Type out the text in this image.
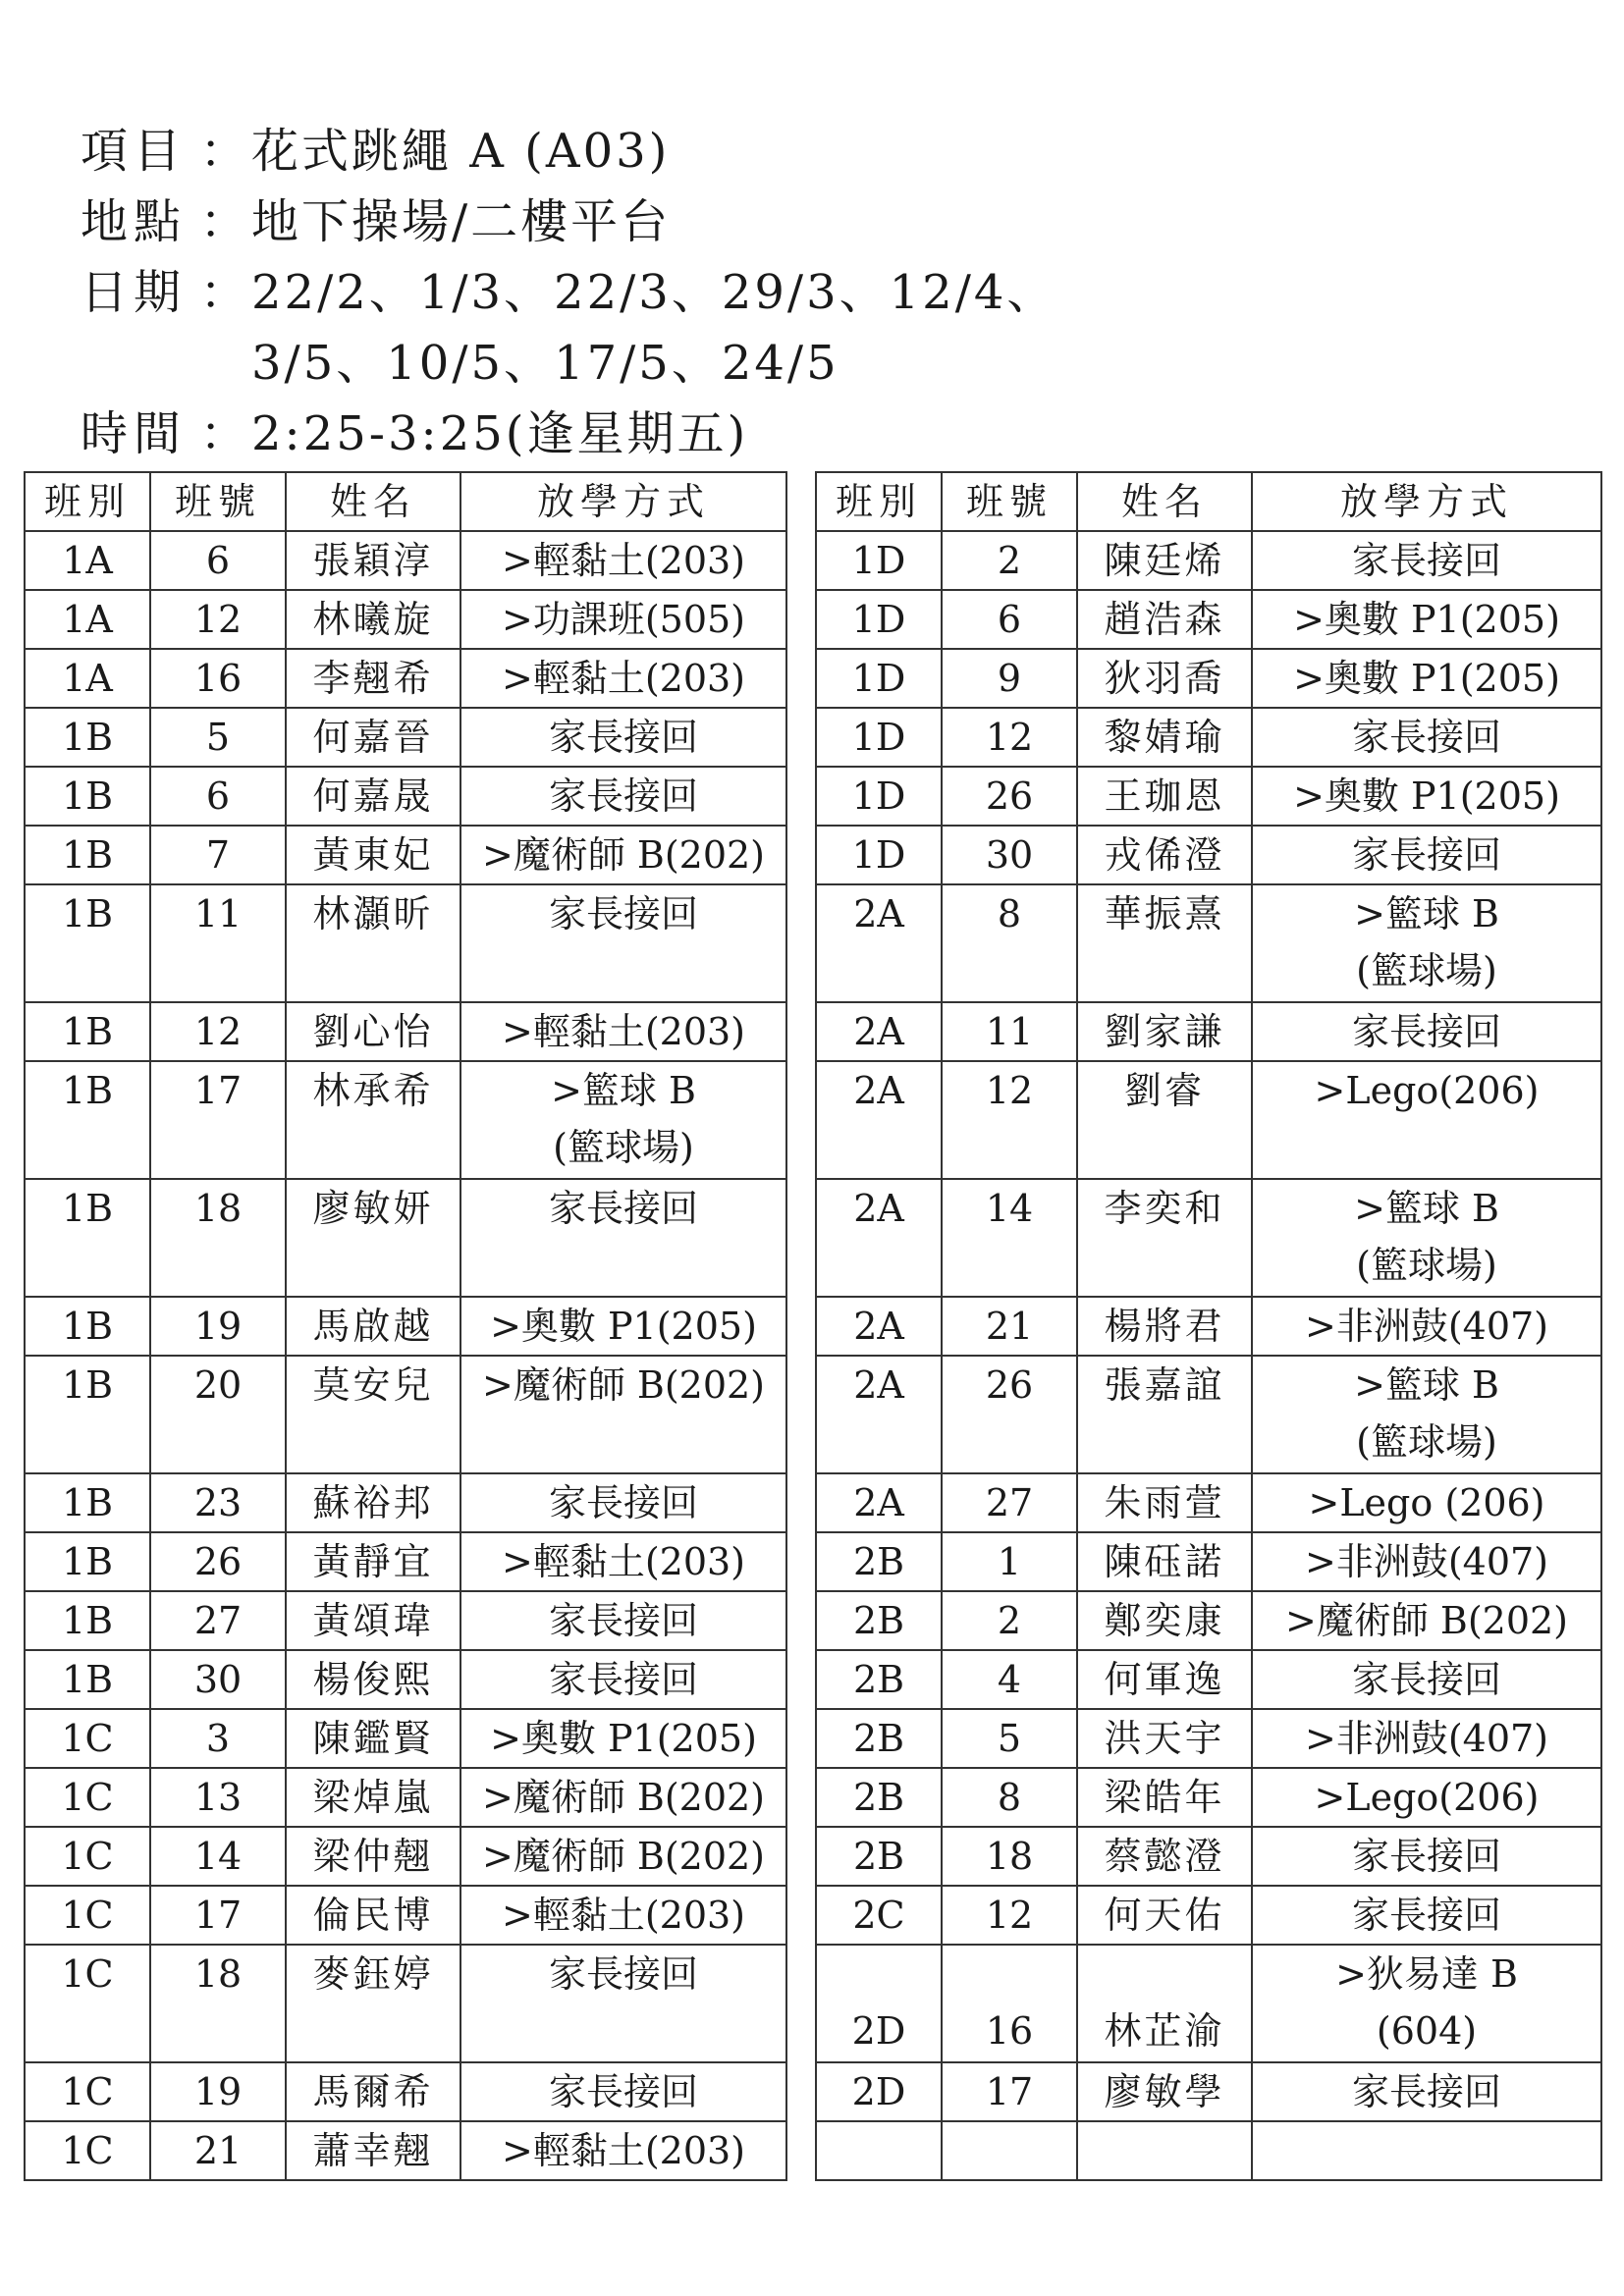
項目 ：花式跳繩 A (A03)
地點 ：地下操場/二樓平台
日期 ：22/2、1/3、22/3、29/3、12/4、
3/5、10/5、17/5、24/5
時間 ：2:25-3:25(逢星期五)
班別	班號	姓名	放學方式
1A	6	張穎淳	>輕黏土(203)

1A	12	林曦旋	>功課班(505)

1A	16	李翹希	>輕黏土(203)

1B	5	何嘉晉	家長接回

1B	6	何嘉晟	家長接回

1B	7	黃東妃	>魔術師 B(202)

1B	11	林灝昕	家長接回

1B	12	劉心怡	>輕黏土(203)

1B	17	林承希	>籃球 B
(籃球場)

1B	18	廖敏妍	家長接回

1B	19	馬啟越	>奧數 P1(205)

1B	20	莫安兒	>魔術師 B(202)

1B	23	蘇裕邦	家長接回

1B	26	黃靜宜	>輕黏土(203)

1B	27	黃頌瑋	家長接回

1B	30	楊俊熙	家長接回

1C	3	陳鑑賢	>奧數 P1(205)

1C	13	梁焯嵐	>魔術師 B(202)

1C	14	梁仲翹	>魔術師 B(202)

1C	17	倫民博	>輕黏土(203)

1C	18	麥鈺婷	家長接回

1C	19	馬爾希	家長接回

1C	21	蕭幸翹	>輕黏土(203)
班別	班號	姓名	放學方式
1D	2	陳廷烯	家長接回

1D	6	趙浩森	>奧數 P1(205)

1D	9	狄羽喬	>奧數 P1(205)

1D	12	黎婧瑜	家長接回

1D	26	王珈恩	>奧數 P1(205)

1D	30	戎俙澄	家長接回

2A	8	華振熹	>籃球 B
(籃球場)

2A	11	劉家謙	家長接回

2A	12	劉睿	>Lego(206)

2A	14	李奕和	>籃球 B
(籃球場)

2A	21	楊將君	>非洲鼓(407)

2A	26	張嘉誼	>籃球 B
(籃球場)

2A	27	朱雨萱	>Lego (206)

2B	1	陳砡諾	>非洲鼓(407)

2B	2	鄭奕康	>魔術師 B(202)

2B	4	何軍逸	家長接回

2B	5	洪天宇	>非洲鼓(407)

2B	8	梁皓年	>Lego(206)

2B	18	蔡懿澄	家長接回

2C	12	何天佑	家長接回

2D	16	林芷渝	>狄易達 B
(604)

2D	17	廖敏學	家長接回
